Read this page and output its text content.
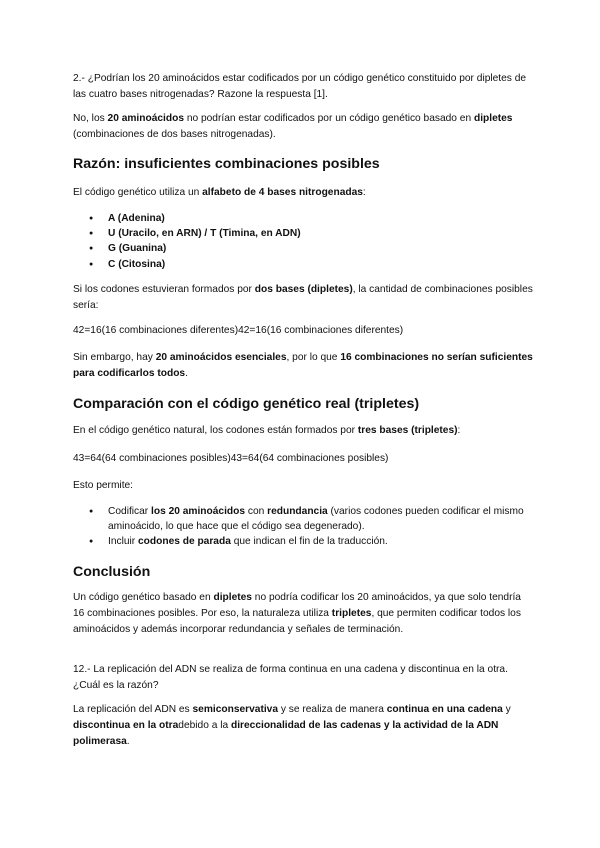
2.- ¿Podrían los 20 aminoácidos estar codificados por un código genético constituido por dipletes de las cuatro bases nitrogenadas? Razone la respuesta [1].

No, los 20 aminoácidos no podrían estar codificados por un código genético basado en dipletes (combinaciones de dos bases nitrogenadas).

Razón: insuficientes combinaciones posibles

El código genético utiliza un alfabeto de 4 bases nitrogenadas:

● A (Adenina)
● U (Uracilo, en ARN) / T (Timina, en ADN)
● G (Guanina)
● C (Citosina)

Si los codones estuvieran formados por dos bases (dipletes), la cantidad de combinaciones posibles sería:

42=16(16 combinaciones diferentes)42=16(16 combinaciones diferentes)

Sin embargo, hay 20 aminoácidos esenciales, por lo que 16 combinaciones no serían suficientes para codificarlos todos.

Comparación con el código genético real (tripletes)

En el código genético natural, los codones están formados por tres bases (tripletes):

43=64(64 combinaciones posibles)43=64(64 combinaciones posibles)

Esto permite:

● Codificar los 20 aminoácidos con redundancia (varios codones pueden codificar el mismo aminoácido, lo que hace que el código sea degenerado).
● Incluir codones de parada que indican el fin de la traducción.
Conclusión

Un código genético basado en dipletes no podría codificar los 20 aminoácidos, ya que solo tendría 16 combinaciones posibles. Por eso, la naturaleza utiliza tripletes, que permiten codificar todos los aminoácidos y además incorporar redundancia y señales de terminación.

12.- La replicación del ADN se realiza de forma continua en una cadena y discontinua en la otra. ¿Cuál es la razón?

La replicación del ADN es semiconservativa y se realiza de manera continua en una cadena y discontinua en la otradebido a la direccionalidad de las cadenas y la actividad de la ADN polimerasa.
